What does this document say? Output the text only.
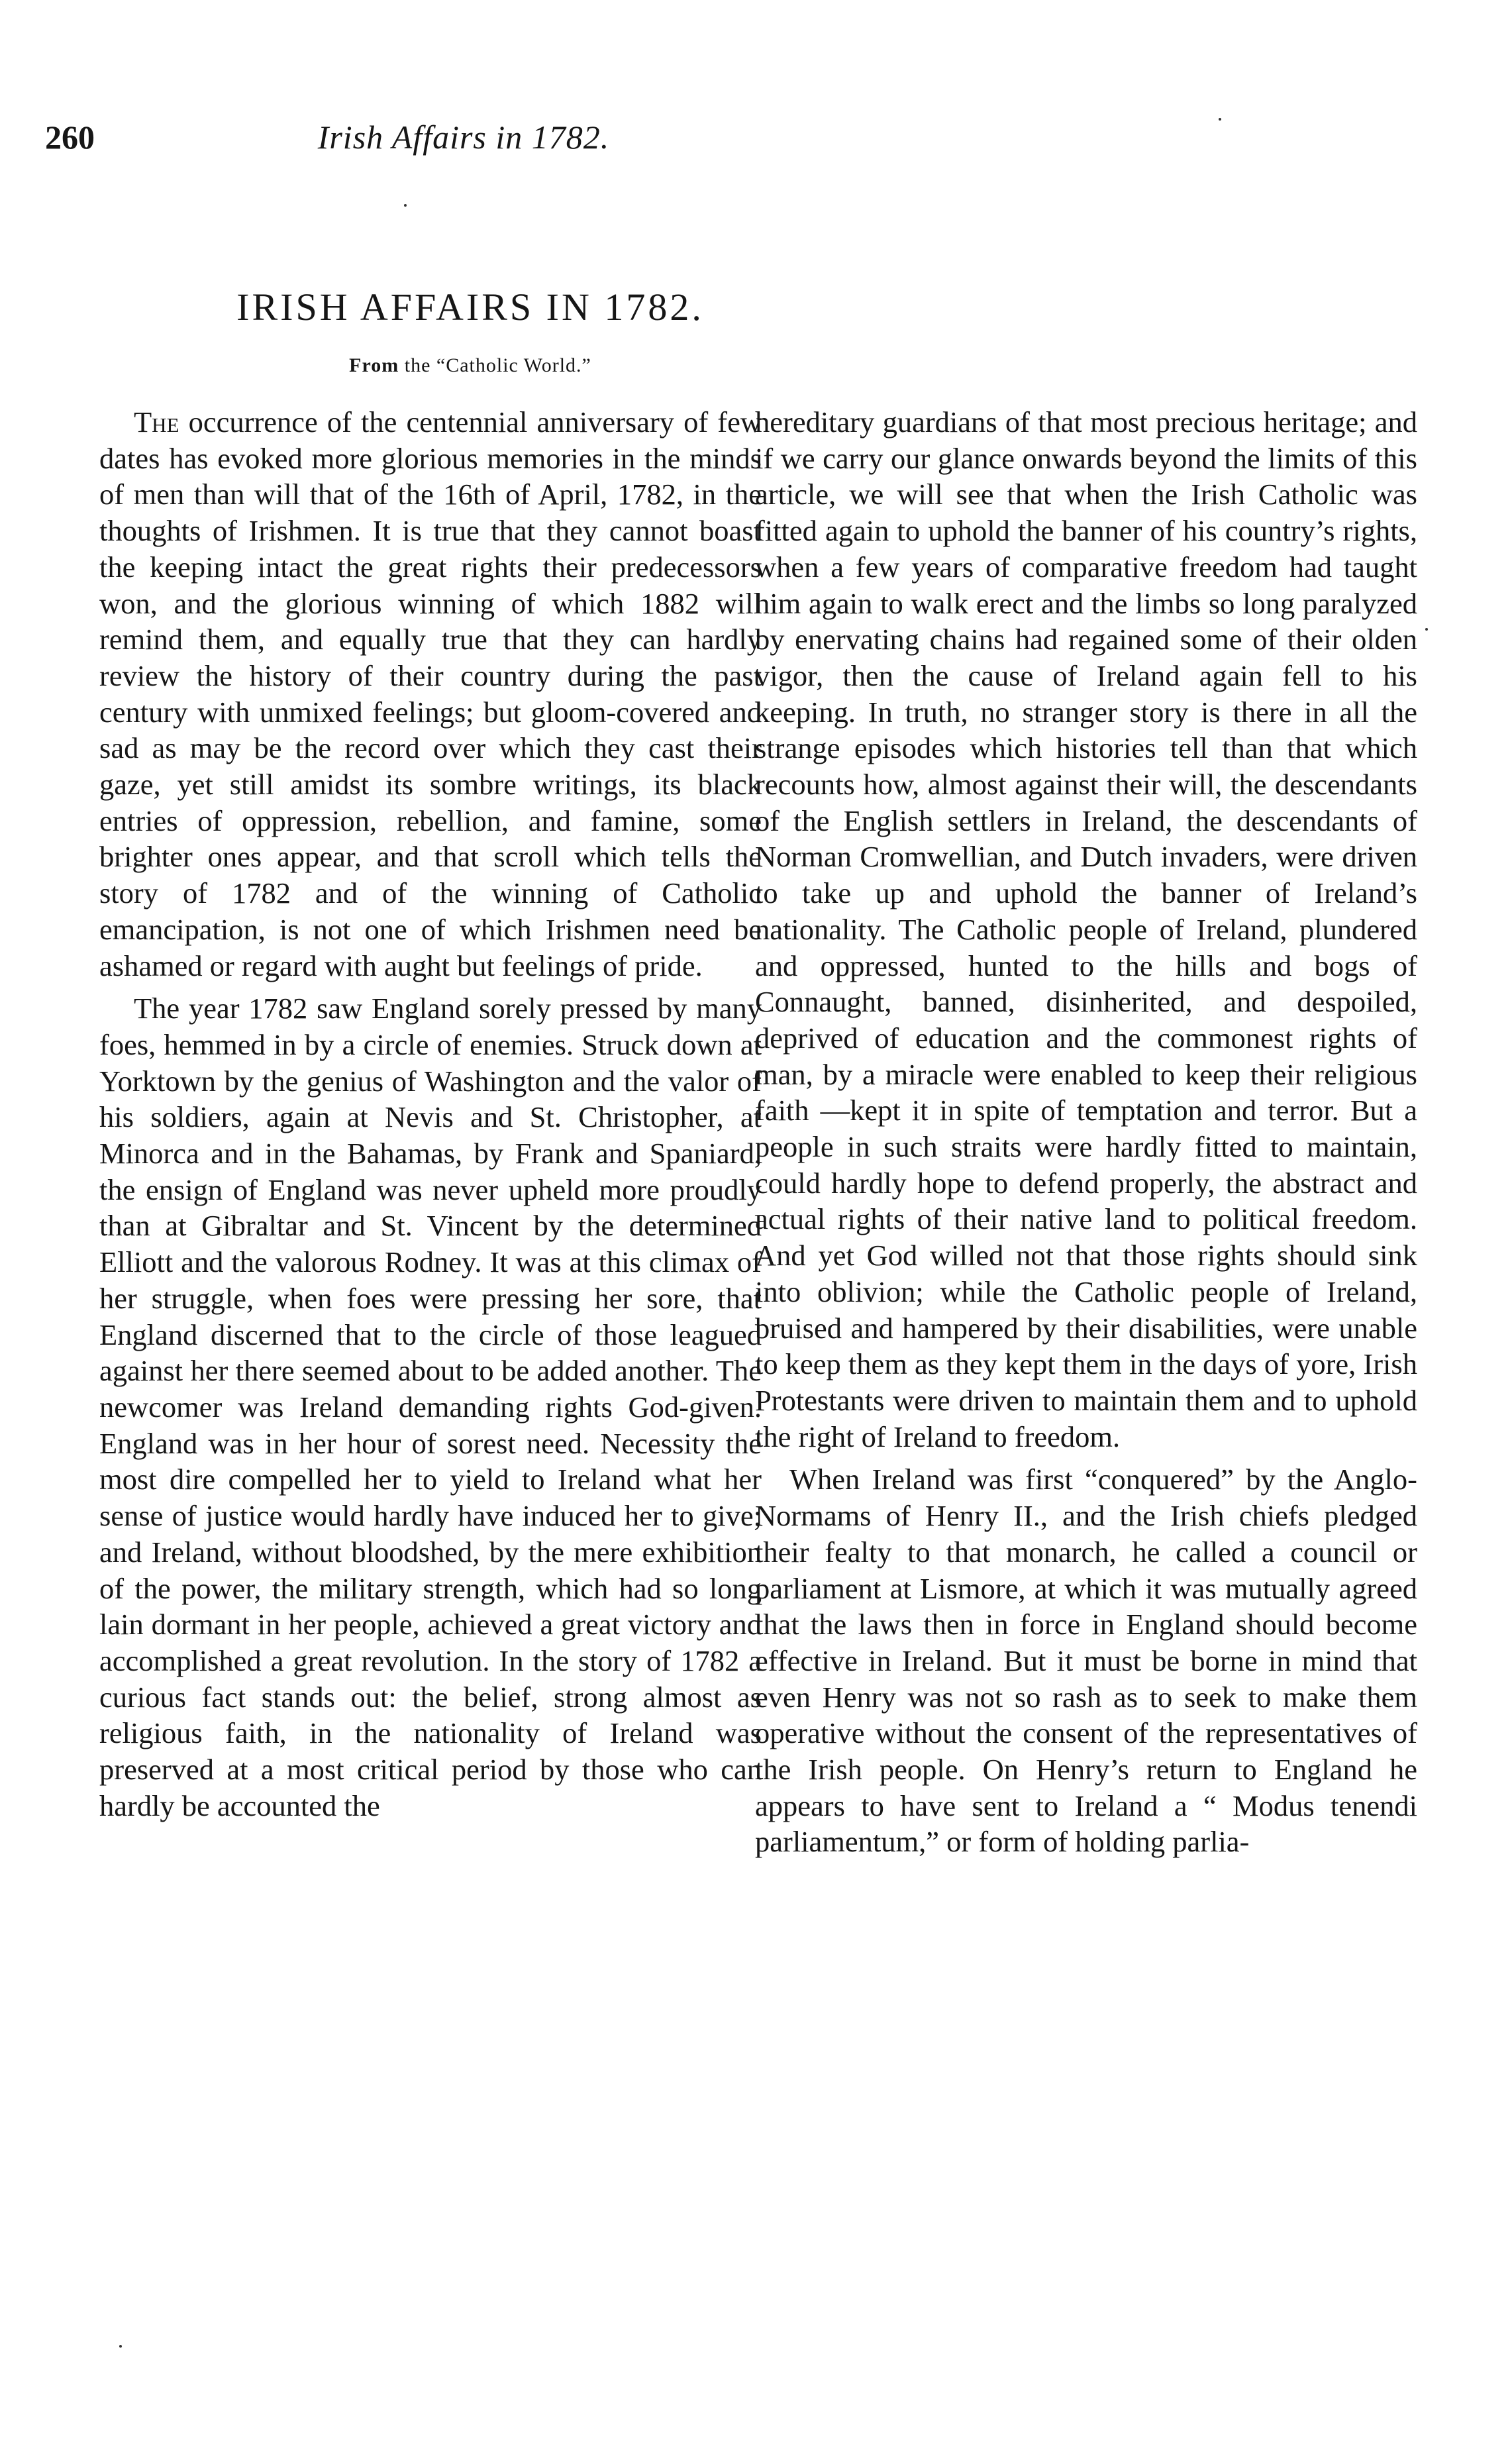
260	Irish Affairs in 1782.
IRISH AFFAIRS IN 1782.
From the “Catholic World.”

The occurrence of the centennial anniversary of few dates has evoked more glorious memories in the minds of men than will that of the 16th of April, 1782, in the thoughts of Irishmen. It is true that they cannot boast the keeping intact the great rights their predecessors won, and the glorious winning of which 1882 will remind them, and equally true that they can hardly review the history of their country during the past century with unmixed feelings; but gloom-covered and sad as may be the record over which they cast their gaze, yet still amidst its sombre writings, its black entries of oppression, rebellion, and famine, some brighter ones appear, and that scroll which tells the story of 1782 and of the winning of Catholic emancipation, is not one of which Irishmen need be ashamed or regard with aught but feelings of pride.

The year 1782 saw England sorely pressed by many foes, hemmed in by a circle of enemies. Struck down at Yorktown by the genius of Washington and the valor of his soldiers, again at Nevis and St. Christopher, at Minorca and in the Bahamas, by Frank and Spaniard, the ensign of England was never upheld more proudly than at Gibraltar and St. Vincent by the determined Elliott and the valorous Rodney. It was at this climax of her struggle, when foes were pressing her sore, that England discerned that to the circle of those leagued against her there seemed about to be added another. The newcomer was Ireland demanding rights God-given. England was in her hour of sorest need. Necessity the most dire compelled her to yield to Ireland what her sense of justice would hardly have induced her to give; and Ireland, without bloodshed, by the mere exhibition of the power, the military strength, which had so long lain dormant in her people, achieved a great victory and accomplished a great revolution. In the story of 1782 a curious fact stands out: the belief, strong almost as religious faith, in the nationality of Ireland was preserved at a most critical period by those who can hardly be accounted the

hereditary guardians of that most precious heritage; and if we carry our glance onwards beyond the limits of this article, we will see that when the Irish Catholic was fitted again to uphold the banner of his country’s rights, when a few years of comparative freedom had taught him again to walk erect and the limbs so long paralyzed by enervating chains had regained some of their olden vigor, then the cause of Ireland again fell to his keeping. In truth, no stranger story is there in all the strange episodes which histories tell than that which recounts how, almost against their will, the descendants of the English settlers in Ireland, the descendants of Norman Cromwellian, and Dutch invaders, were driven to take up and uphold the banner of Ireland’s nationality. The Catholic people of Ireland, plundered and oppressed, hunted to the hills and bogs of Connaught, banned, disinherited, and despoiled, deprived of education and the commonest rights of man, by a miracle were enabled to keep their religious faith —kept it in spite of temptation and terror. But a people in such straits were hardly fitted to maintain, could hardly hope to defend properly, the abstract and actual rights of their native land to political freedom. And yet God willed not that those rights should sink into oblivion; while the Catholic people of Ireland, bruised and hampered by their disabilities, were unable to keep them as they kept them in the days of yore, Irish Protestants were driven to maintain them and to uphold the right of Ireland to freedom.

When Ireland was first “conquered” by the Anglo-Normams of Henry II., and the Irish chiefs pledged their fealty to that monarch, he called a council or parliament at Lismore, at which it was mutually agreed that the laws then in force in England should become effective in Ireland. But it must be borne in mind that even Henry was not so rash as to seek to make them operative without the consent of the representatives of the Irish people. On Henry’s return to England he appears to have sent to Ireland a “ Modus tenendi parliamentum,” or form of holding parlia-
